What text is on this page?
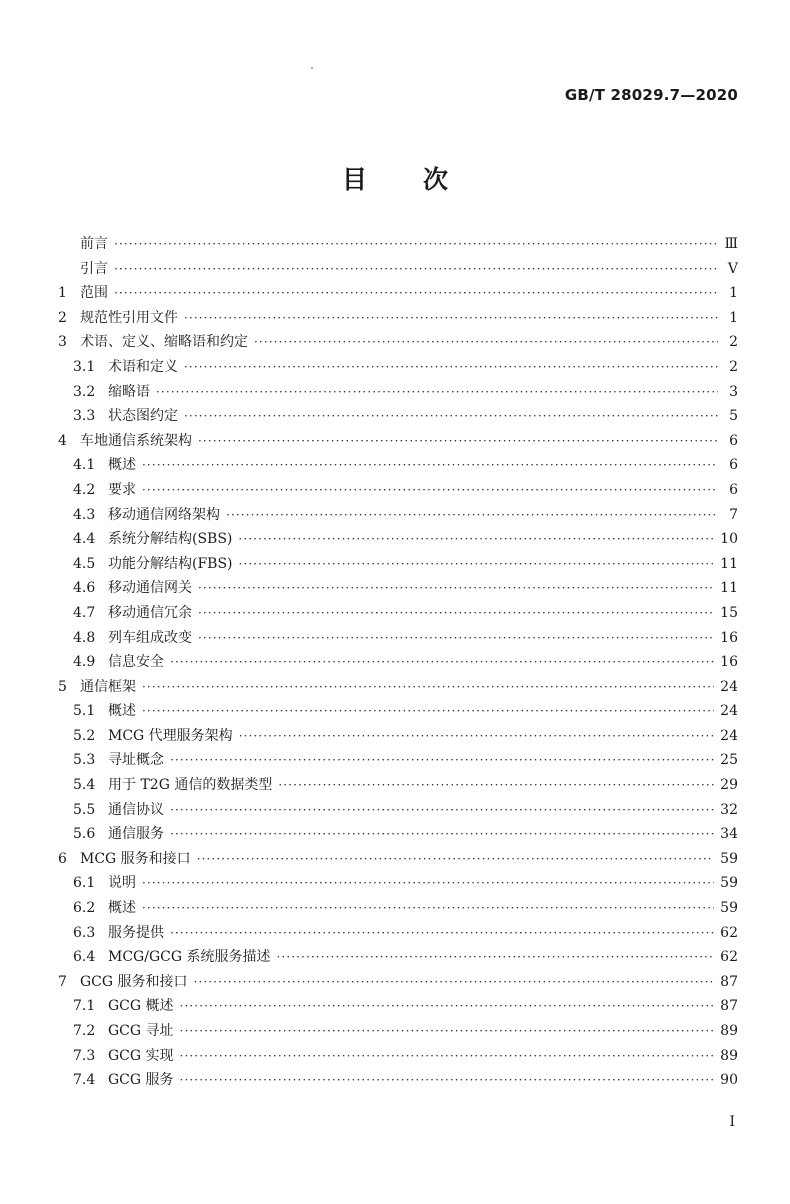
GB/T 28029.7—2020
目 次
前言 ·····	Ⅲ
引言 ·····	V
1 范围 ·····	1
2 规范性引用文件 ·····	1
3 术语、定义、缩略语和约定 ·····	2
3.1 术语和定义 ·····	2
3.2 缩略语 ·····	3
3.3 状态图约定 ·····	5
4 车地通信系统架构 ·····	6
4.1 概述 ·····	6
4.2 要求 ·····	6
4.3 移动通信网络架构 ·····	7
4.4 系统分解结构(SBS) ·····	10
4.5 功能分解结构(FBS) ·····	11
4.6 移动通信网关 ·····	11
4.7 移动通信冗余 ·····	15
4.8 列车组成改变 ·····	16
4.9 信息安全 ·····	16
5 通信框架 ·····	24
5.1 概述 ·····	24
5.2 MCG 代理服务架构 ·····	24
5.3 寻址概念 ·····	25
5.4 用于 T2G 通信的数据类型 ·····	29
5.5 通信协议 ·····	32
5.6 通信服务 ·····	34
6 MCG 服务和接口 ·····	59
6.1 说明 ·····	59
6.2 概述 ·····	59
6.3 服务提供 ·····	62
6.4 MCG/GCG 系统服务描述 ·····	62
7 GCG 服务和接口 ·····	87
7.1 GCG 概述 ·····	87
7.2 GCG 寻址 ·····	89
7.3 GCG 实现 ·····	89
7.4 GCG 服务 ·····	90
I
